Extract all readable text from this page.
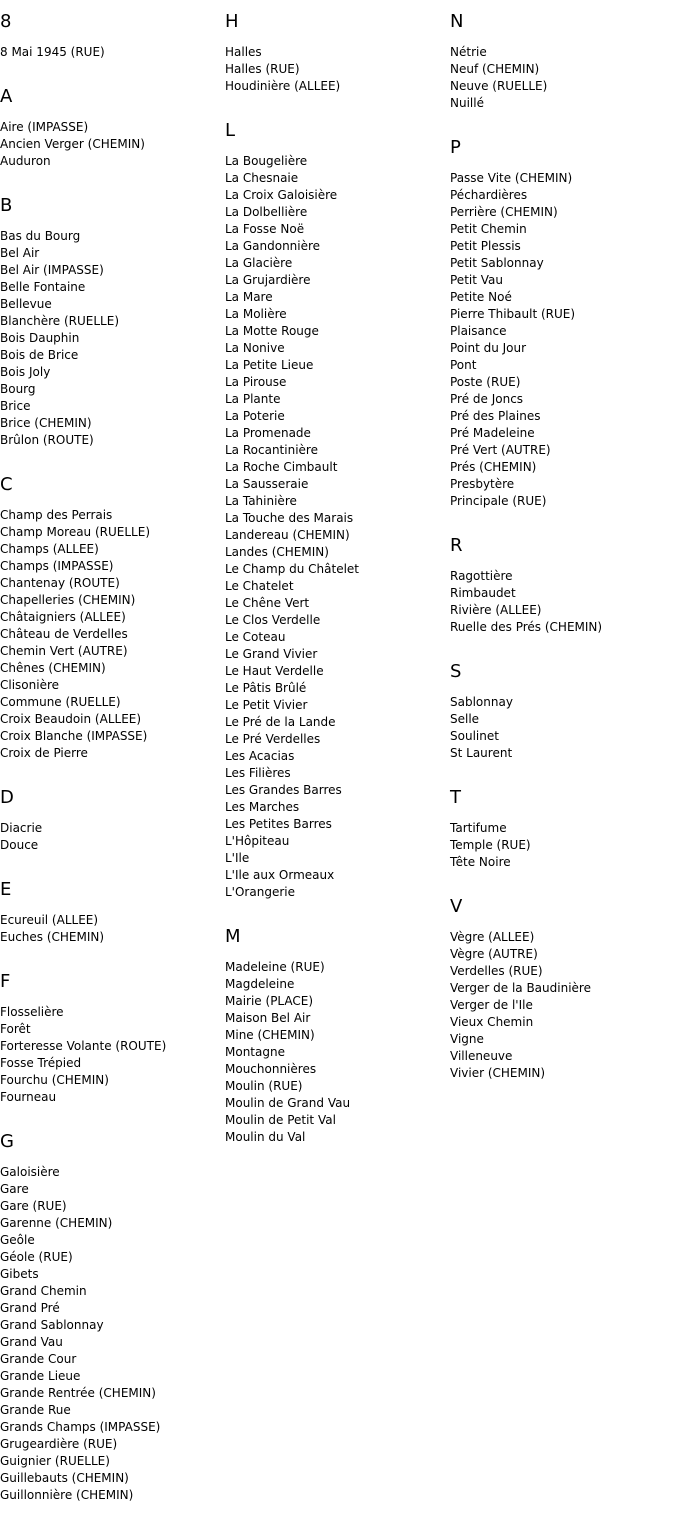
8
8 Mai 1945 (RUE)
A
Aire (IMPASSE)
Ancien Verger (CHEMIN)
Auduron
B
Bas du Bourg
Bel Air
Bel Air (IMPASSE)
Belle Fontaine
Bellevue
Blanchère (RUELLE)
Bois Dauphin
Bois de Brice
Bois Joly
Bourg
Brice
Brice (CHEMIN)
Brûlon (ROUTE)
C
Champ des Perrais
Champ Moreau (RUELLE)
Champs (ALLEE)
Champs (IMPASSE)
Chantenay (ROUTE)
Chapelleries (CHEMIN)
Châtaigniers (ALLEE)
Château de Verdelles
Chemin Vert (AUTRE)
Chênes (CHEMIN)
Clisonière
Commune (RUELLE)
Croix Beaudoin (ALLEE)
Croix Blanche (IMPASSE)
Croix de Pierre
D
Diacrie
Douce
E
Ecureuil (ALLEE)
Euches (CHEMIN)
F
Flosselière
Forêt
Forteresse Volante (ROUTE)
Fosse Trépied
Fourchu (CHEMIN)
Fourneau
G
Galoisière
Gare
Gare (RUE)
Garenne (CHEMIN)
Geôle
Géole (RUE)
Gibets
Grand Chemin
Grand Pré
Grand Sablonnay
Grand Vau
Grande Cour
Grande Lieue
Grande Rentrée (CHEMIN)
Grande Rue
Grands Champs (IMPASSE)
Grugeardière (RUE)
Guignier (RUELLE)
Guillebauts (CHEMIN)
Guillonnière (CHEMIN)
H
Halles
Halles (RUE)
Houdinière (ALLEE)
L
La Bougelière
La Chesnaie
La Croix Galoisière
La Dolbellière
La Fosse Noë
La Gandonnière
La Glacière
La Grujardière
La Mare
La Molière
La Motte Rouge
La Nonive
La Petite Lieue
La Pirouse
La Plante
La Poterie
La Promenade
La Rocantinière
La Roche Cimbault
La Sausseraie
La Tahinière
La Touche des Marais
Landereau (CHEMIN)
Landes (CHEMIN)
Le Champ du Châtelet
Le Chatelet
Le Chêne Vert
Le Clos Verdelle
Le Coteau
Le Grand Vivier
Le Haut Verdelle
Le Pâtis Brûlé
Le Petit Vivier
Le Pré de la Lande
Le Pré Verdelles
Les Acacias
Les Filières
Les Grandes Barres
Les Marches
Les Petites Barres
L'Hôpiteau
L'Ile
L'Ile aux Ormeaux
L'Orangerie
M
Madeleine (RUE)
Magdeleine
Mairie (PLACE)
Maison Bel Air
Mine (CHEMIN)
Montagne
Mouchonnières
Moulin (RUE)
Moulin de Grand Vau
Moulin de Petit Val
Moulin du Val
N
Nétrie
Neuf (CHEMIN)
Neuve (RUELLE)
Nuillé
P
Passe Vite (CHEMIN)
Péchardières
Perrière (CHEMIN)
Petit Chemin
Petit Plessis
Petit Sablonnay
Petit Vau
Petite Noé
Pierre Thibault (RUE)
Plaisance
Point du Jour
Pont
Poste (RUE)
Pré de Joncs
Pré des Plaines
Pré Madeleine
Pré Vert (AUTRE)
Prés (CHEMIN)
Presbytère
Principale (RUE)
R
Ragottière
Rimbaudet
Rivière (ALLEE)
Ruelle des Prés (CHEMIN)
S
Sablonnay
Selle
Soulinet
St Laurent
T
Tartifume
Temple (RUE)
Tête Noire
V
Vègre (ALLEE)
Vègre (AUTRE)
Verdelles (RUE)
Verger de la Baudinière
Verger de l'Ile
Vieux Chemin
Vigne
Villeneuve
Vivier (CHEMIN)
